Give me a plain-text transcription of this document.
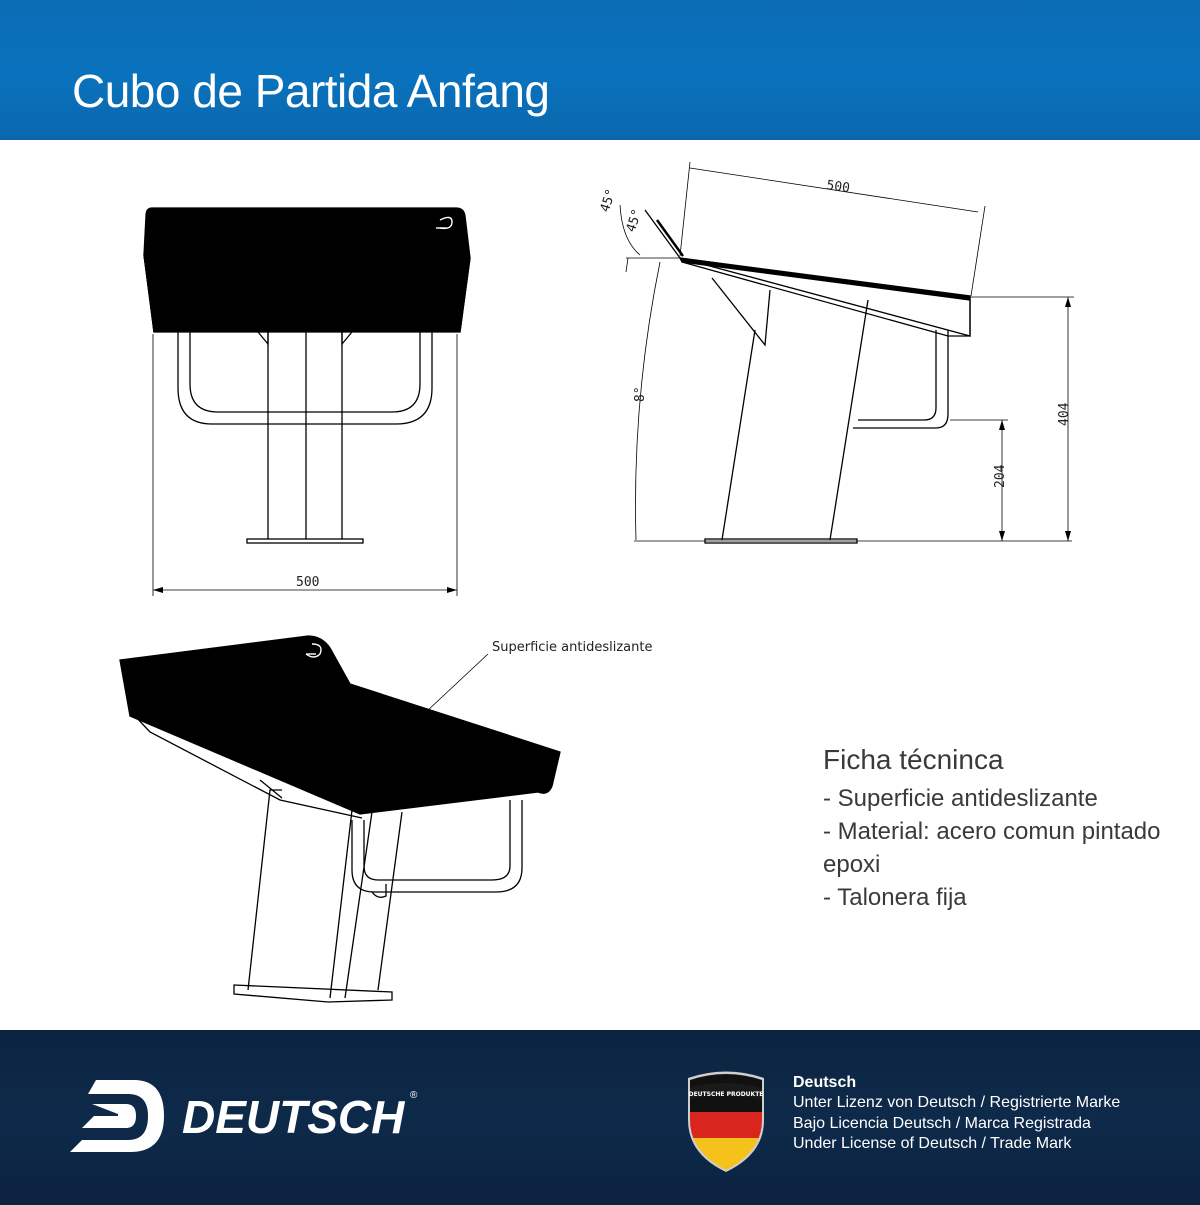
Cubo de Partida Anfang
500
500
45°
45°
8°
404
204
Superficie antideslizante
Ficha técninca
- Superficie antideslizante
- Material: acero comun pintado
epoxi
- Talonera fija
DEUTSCH ®	DEUTSCHE PRODUKTE
Deutsch
Unter Lizenz von Deutsch / Registrierte Marke
Bajo Licencia Deutsch / Marca Registrada
Under License of Deutsch / Trade Mark
